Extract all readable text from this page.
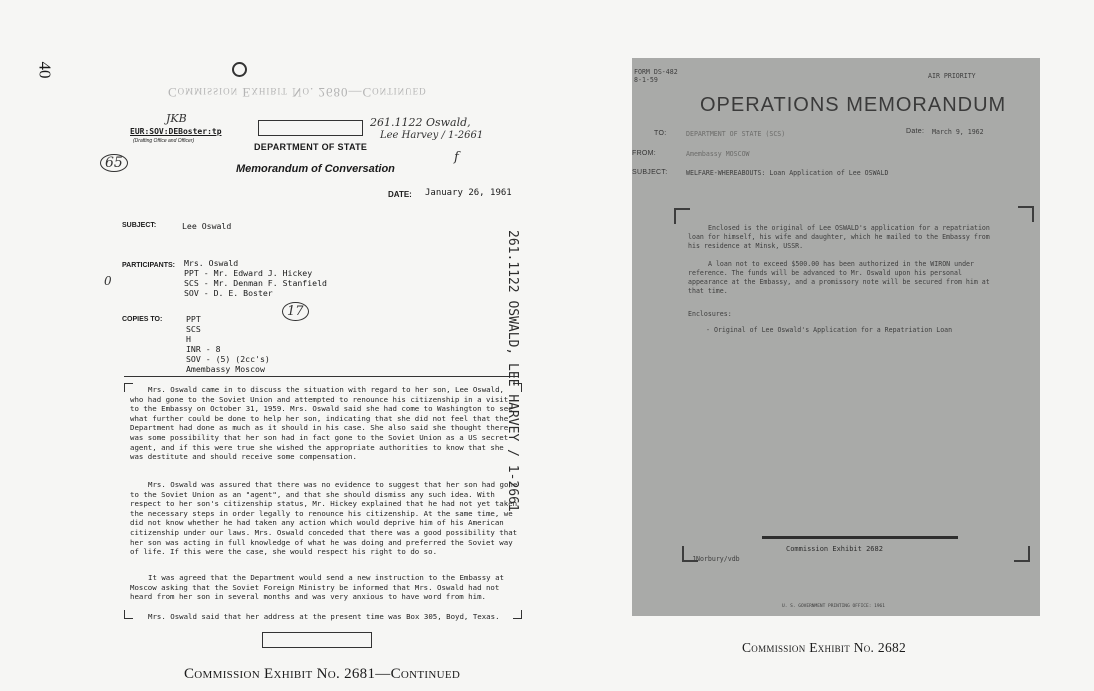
40
Commission Exhibit No. 2680—Continued
JKB
EUR:SOV:DEBoster:tp
(Drafting Office and Officer)
65
261.1122 Oswald,
Lee Harvey / 1-2661
DEPARTMENT OF STATE
Memorandum of Conversation
f
DATE: January 26, 1961
SUBJECT:	Lee Oswald
PARTICIPANTS: Mrs. Oswald
PPT - Mr. Edward J. Hickey
SCS - Mr. Denman F. Stanfield
SOV - D. E. Boster
0
17
COPIES TO:	PPT
SCS
H
INR - 8
SOV - (5) (2cc's)
Amembassy Moscow
Mrs. Oswald came in to discuss the situation with regard to her son, Lee Oswald, who had gone to the Soviet Union and attempted to renounce his citizenship in a visit to the Embassy on October 31, 1959. Mrs. Oswald said she had come to Washington to see what further could be done to help her son, indicating that she did not feel that the Department had done as much as it should in his case. She also said she thought there was some possibility that her son had in fact gone to the Soviet Union as a US secret agent, and if this were true she wished the appropriate authorities to know that she was destitute and should receive some compensation.
Mrs. Oswald was assured that there was no evidence to suggest that her son had gone to the Soviet Union as an "agent", and that she should dismiss any such idea. With respect to her son's citizenship status, Mr. Hickey explained that he had not yet taken the necessary steps in order legally to renounce his citizenship. At the same time, we did not know whether he had taken any action which would deprive him of his American citizenship under our laws. Mrs. Oswald conceded that there was a good possibility that her son was acting in full knowledge of what he was doing and preferred the Soviet way of life. If this were the case, she would respect his right to do so.
It was agreed that the Department would send a new instruction to the Embassy at Moscow asking that the Soviet Foreign Ministry be informed that Mrs. Oswald had not heard from her son in several months and was very anxious to have word from him.
Mrs. Oswald said that her address at the present time was Box 305, Boyd, Texas.
261.1122 OSWALD, LEE HARVEY / 1-2661
Commission Exhibit No. 2681—Continued
FORM DS-482
8-1-59	AIR PRIORITY
OPERATIONS MEMORANDUM
TO:	DEPARTMENT OF STATE (SCS)	Date: March 9, 1962
FROM:	Amembassy MOSCOW
SUBJECT:	WELFARE-WHEREABOUTS: Loan Application of Lee OSWALD
Enclosed is the original of Lee OSWALD's application for a repatriation loan for himself, his wife and daughter, which he mailed to the Embassy from his residence at Minsk, USSR.
A loan not to exceed $500.00 has been authorized in the WIRON under reference. The funds will be advanced to Mr. Oswald upon his personal appearance at the Embassy, and a promissory note will be secured from him at that time.
Enclosures:
- Original of Lee Oswald's Application for a Repatriation Loan
Commission Exhibit 2682
JNorbury/vdb
U. S. GOVERNMENT PRINTING OFFICE: 1961
Commission Exhibit No. 2682
